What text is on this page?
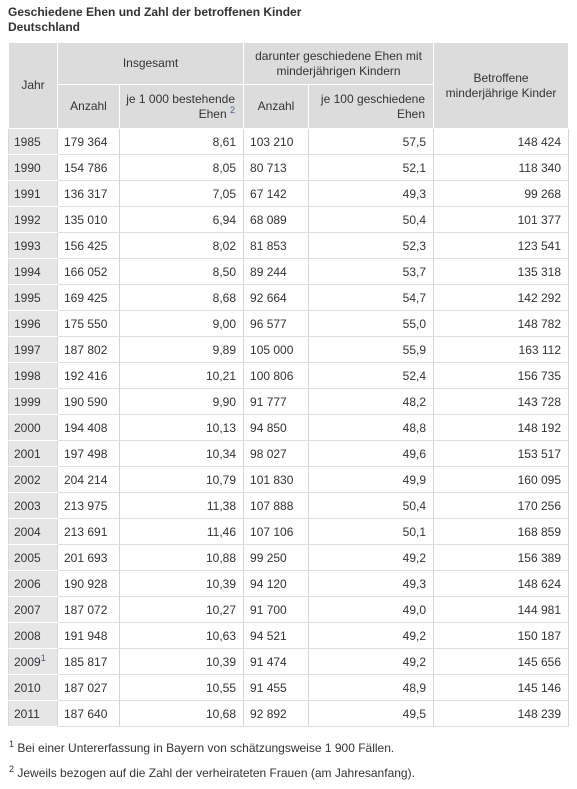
Geschiedene Ehen und Zahl der betroffenen Kinder
Deutschland
Jahr	Insgesamt		darunter geschiedene Ehen mit minderjährigen Kindern		Betroffene minderjährige Kinder
	Anzahl	je 1 000 bestehende Ehen $^2$	Anzahl	je 100 geschiedene Ehen	
1985	179 364	8,61	103 210	57,5	148 424
1990	154 786	8,05	80 713	52,1	118 340
1991	136 317	7,05	67 142	49,3	99 268
1992	135 010	6,94	68 089	50,4	101 377
1993	156 425	8,02	81 853	52,3	123 541
1994	166 052	8,50	89 244	53,7	135 318
1995	169 425	8,68	92 664	54,7	142 292
1996	175 550	9,00	96 577	55,0	148 782
1997	187 802	9,89	105 000	55,9	163 112
1998	192 416	10,21	100 806	52,4	156 735
1999	190 590	9,90	91 777	48,2	143 728
2000	194 408	10,13	94 850	48,8	148 192
2001	197 498	10,34	98 027	49,6	153 517
2002	204 214	10,79	101 830	49,9	160 095
2003	213 975	11,38	107 888	50,4	170 256
2004	213 691	11,46	107 106	50,1	168 859
2005	201 693	10,88	99 250	49,2	156 389
2006	190 928	10,39	94 120	49,3	148 624
2007	187 072	10,27	91 700	49,0	144 981
2008	191 948	10,63	94 521	49,2	150 187
2009$^1$	185 817	10,39	91 474	49,2	145 656
2010	187 027	10,55	91 455	48,9	145 146
2011	187 640	10,68	92 892	49,5	148 239
$^1$ Bei einer Untererfassung in Bayern von schätzungsweise 1 900 Fällen.
$^2$ Jeweils bezogen auf die Zahl der verheirateten Frauen (am Jahresanfang).
